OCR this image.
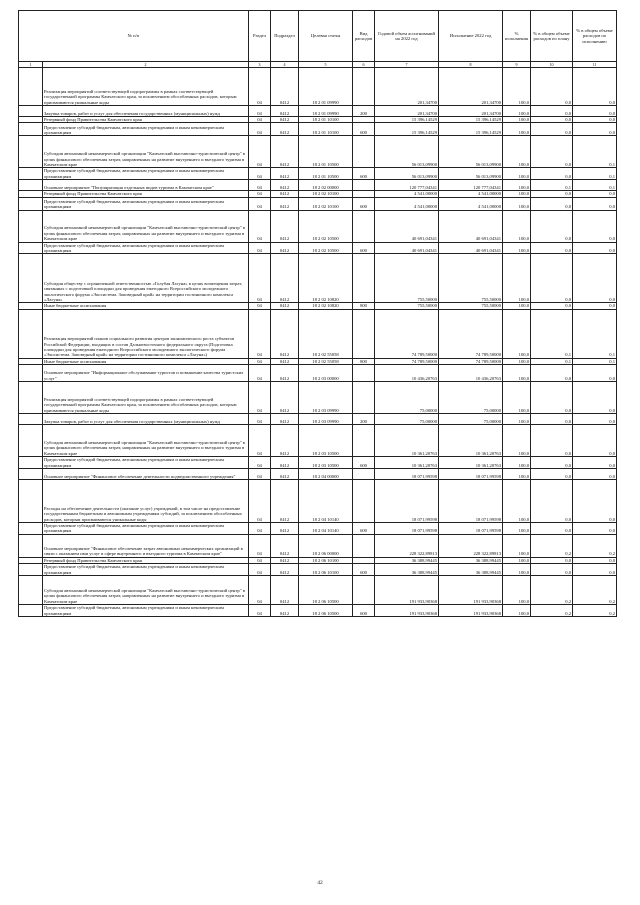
№ п/п		Раздел	Подраздел	Целевая статья	Вид расходов	Годовой объем ассигнований на 2022 год	Исполнение 2022 год	% исполнения	% в общем объеме расходов по плану	% в общем объеме расходов по исполнению
1	2	3	4	5	6	7	8	9	10	11
	Реализация мероприятий соответствующей подпрограммы в рамках соответствующей государственной программы Камчатского края, за исключением обособленных расходов, которым присваиваются уникальные коды	04	0412	18 2 01 09990		201,34700	201,34700	100,0	0,0	0,0
	Закупка товаров, работ и услуг для обеспечения государственных (муниципальных) нужд	04	0412	18 2 01 09990	200	201,34700	201,34700	100,0	0,0	0,0
	Резервный фонд Правительства Камчатского края	04	0412	18 2 01 10100		15 396,14529	15 396,14529	100,0	0,0	0,0
	Предоставление субсидий бюджетным, автономным учреждениям и иным некоммерческим организациям	04	0412	18 2 01 10100	600	15 396,14529	15 396,14529	100,0	0,0	0,0
	Субсидия автономной некоммерческой организации "Камчатский выставочно-туристический центр" в целях финансового обеспечения затрат, направленных на развитие внутреннего и въездного туризма в Камчатском крае	04	0412	18 2 01 10500		56 013,09900	56 013,09900	100,0	0,0	0,1
	Предоставление субсидий бюджетным, автономным учреждениям и иным некоммерческим организациям	04	0412	18 2 01 10500	600	56 013,09900	56 013,09900	100,0	0,0	0,1
	Основное мероприятие "Популяризация отдельных видов туризма в Камчатском крае"	04	0412	18 2 02 00000		120 777,04341	120 777,04341	100,0	0,1	0,1
	Резервный фонд Правительства Камчатского края	04	0412	18 2 02 10100		4 541,00000	4 541,00000	100,0	0,0	0,0
	Предоставление субсидий бюджетным, автономным учреждениям и иным некоммерческим организациям	04	0412	18 2 02 10100	600	4 541,00000	4 541,00000	100,0	0,0	0,0
	Субсидия автономной некоммерческой организации "Камчатский выставочно-туристический центр" в целях финансового обеспечения затрат, направленных на развитие внутреннего и въездного туризма в Камчатском крае	04	0412	18 2 02 10500		40 691,04341	40 691,04341	100,0	0,0	0,0
	Предоставление субсидий бюджетным, автономным учреждениям и иным некоммерческим организациям	04	0412	18 2 02 10500	600	40 691,04341	40 691,04341	100,0	0,0	0,0
	Субсидия обществу с ограниченной ответственностью «Голубая Лагуна» в целях возмещения затрат, связанных с подготовкой площадки для проведения ежегодного Всероссийского молодежного экологического форума «Экосистема. Заповедный край» на территории гостиничного комплекса «Лагуна»	04	0412	18 2 02 10820		755,50000	755,50000	100,0	0,0	0,0
	Иные бюджетные ассигнования	04	0412	18 2 02 10820	800	755,50000	755,50000	100,0	0,0	0,0
	Реализация мероприятий планов социального развития центров экономического роста субъектов Российской Федерации, входящих в состав Дальневосточного федерального округа (Подготовка площадки для проведения ежегодного Всероссийского молодежного экологического форума «Экосистема. Заповедный край» на территории гостиничного комплекса «Лагуна»)	04	0412	18 2 02 55058		74 789,50000	74 789,50000	100,0	0,1	0,1
	Иные бюджетные ассигнования	04	0412	18 2 02 55058	800	74 789,50000	74 789,50000	100,0	0,1	0,1
	Основное мероприятие "Информационное обслуживание туристов и повышение качества туристских услуг"	04	0412	18 2 03 00000		10 436,20763	10 436,20763	100,0	0,0	0,0
	Реализация мероприятий соответствующей подпрограммы в рамках соответствующей государственной программы Камчатского края, за исключением обособленных расходов, которым присваиваются уникальные коды	04	0412	18 2 03 09990		75,00000	75,00000	100,0	0,0	0,0
	Закупка товаров, работ и услуг для обеспечения государственных (муниципальных) нужд	04	0412	18 2 03 09990	200	75,00000	75,00000	100,0	0,0	0,0
	Субсидия автономной некоммерческой организации "Камчатский выставочно-туристический центр" в целях финансового обеспечения затрат, направленных на развитие внутреннего и въездного туризма в Камчатском крае	04	0412	18 2 03 10500		10 361,20763	10 361,20763	100,0	0,0	0,0
	Предоставление субсидий бюджетным, автономным учреждениям и иным некоммерческим организациям	04	0412	18 2 03 10500	600	10 361,20763	10 361,20763	100,0	0,0	0,0
	Основное мероприятие "Финансовое обеспечение деятельности подведомственного учреждения"	04	0412	18 2 04 00000		18 071,99598	18 071,99598	100,0	0,0	0,0
	Расходы на обеспечение деятельности (оказание услуг) учреждений, в том числе на предоставление государственным бюджетным и автономным учреждениям субсидий, за исключением обособленных расходов, которым присваиваются уникальные коды	04	0412	18 2 04 10140		18 071,99598	18 071,99598	100,0	0,0	0,0
	Предоставление субсидий бюджетным, автономным учреждениям и иным некоммерческим организациям	04	0412	18 2 04 10140	600	18 071,99598	18 071,99598	100,0	0,0	0,0
	Основное мероприятие "Финансовое обеспечение затрат автономных некоммерческих организаций в связи с оказанием ими услуг в сфере внутреннего и въездного туризма в Камчатском крае"	04	0412	18 2 06 00000		228 322,89813	228 322,89813	100,0	0,2	0,2
	Резервный фонд Правительства Камчатского края	04	0412	18 2 06 10100		36 388,99445	36 388,99445	100,0	0,0	0,0
	Предоставление субсидий бюджетным, автономным учреждениям и иным некоммерческим организациям	04	0412	18 2 06 10100	600	36 388,99445	36 388,99445	100,0	0,0	0,0
	Субсидия автономной некоммерческой организации "Камчатский выставочно-туристический центр" в целях финансового обеспечения затрат, направленных на развитие внутреннего и въездного туризма в Камчатском крае	04	0412	18 2 06 10500		191 933,90368	191 933,90368	100,0	0,2	0,2
	Предоставление субсидий бюджетным, автономным учреждениям и иным некоммерческим организациям	04	0412	18 2 06 10500	600	191 933,90368	191 933,90368	100,0	0,2	0,2
42
